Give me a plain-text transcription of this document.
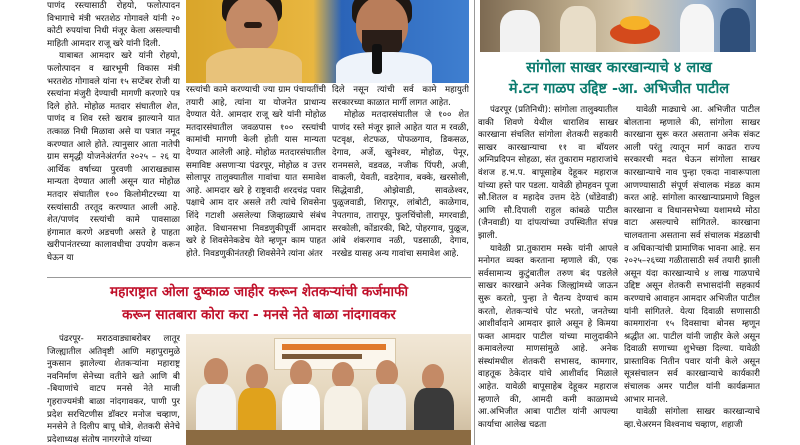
पाणंद रस्त्यासाठी रोहयो, फलोत्पादन विभागाचे मंत्री भरतशेठ गोगावले यांनी २० कोटी रुपयांचा निधी मंजूर केला असल्याची माहिती आमदार राजू खरे यांनी दिली.

याबाबत आमदार खरे यांनी रोहयो, फलोत्पादन व खारभूमी विकास मंत्री भरतशेठ गोगावले यांना १५ सप्टेंबर रोजी या रस्त्यांना मंजुरी देण्याची मागणी करणारे पत्र दिले होते. मोहोळ मतदार संघातील शेत, पाणंद व शिव रस्ते खराब झाल्याने यात तत्काळ निधी मिळावा असे या पत्रात नमूद करण्यात आले होते. त्यानुसार आता नातेपी ग्राम समृद्धी योजनेअंतर्गत २०२५ – २६ या आर्थिक वर्षाच्या पुरवणी आराखड्यास मान्यता देण्यात आली असून यात मोहोळ मतदार संघातील १०० किलोमीटरच्या या रस्त्यांसाठी तरतूद करण्यात आली आहे. शेत/पाणंद रस्त्यांची कामे पावसाळा हंगामात करणे अडचणी असते हे पाहता खरीपानंतरच्या कालावधीचा उपयोग करून घेऊन या

रस्त्यांची कामे करण्याची ज्या ग्राम पंचायतींची तयारी आहे, त्यांना या योजनेत प्राधान्य देण्यात येते. आमदार राजू खरे यांनी मोहोळ मतदारसंघातील जवळपास १०० रस्त्यांची कामांची मागणी केली होती यास मान्यता देण्यात आलेली आहे. मोहोळ मतदारसंघातील समाविष्ट असणाऱ्या पंढरपूर, मोहोळ व उत्तर सोलापूर तालुक्यातील गावांचा यात समावेश आहे. आमदार खरे हे राष्ट्रवादी शरदचंद्र पवार पक्षाचे आम दार असले तरी त्यांचे शिवसेना शिंदे गटाशी असलेल्या जिव्हाळ्याचे संबंध आहेत. विधानसभा निवडणुकीपूर्वी आमदार खरे हे शिवसेनेकडेच येते म्हणून काम पाहत होते. निवडणुकीनंतरही शिवसेनेने त्यांना अंतर

दिले नसून त्यांची सर्व कामे महायुती सरकारच्या काळात मार्गी लागत आहेत.

मोहोळ मतदारसंघातील जे १०० शेत पाणंद रस्ते मंजूर झाले आहेत यात म रवळी, पटवृक्ष, शेटफळ, पोफळगाव, डिकसळ, देगाव, अर्जे, खुनेश्वर, मोहोळ, पेनूर, रानमसले, वडवळ, नजीक पिंपरी, अजी, वाकली, येवती, वडदेगाव, बक्के, खरसोली, सिद्धेवाडी, ओझेवाडी, सावळेश्वर, पुळूजवाडी, शिरापूर, लांबोटी, काळेगाव, नेपतगाव, तारापूर, फुलचिंचोली, मगरवाडी, सरकोली, कोंडारकी, बिटे, पोहरगाव, पुळूज, आंबे शंकरगाव नळी, पडसाळी, देगाव, नरखेड यासह अन्य गावांचा समावेश आहे.

सांगोला साखर कारखान्याचे ४ लाख
मे.टन गाळप उद्दिष्ट -आ. अभिजीत पाटील

पंढरपूर (प्रतिनिधी): सांगोला तालुक्यातील वाकी शिवणे येथील धाराशिव साखर कारखाना संचलित सांगोला शेतकरी सहकारी साखर कारखान्याचा ११ वा बॉयलर अग्निप्रदिपन सोहळा, संत तुकाराम महाराजांचे वंशज ह.भ.प. बापूसाहेब देहूकर महाराज यांच्या हस्ते पार पडला. यावेळी होमहवन पूजा सौ.शितल व महादेव उत्तम देठे (धोंडेवाडी) आणि सौ.दिपाली राहुल कांबळे पाटील (जैनवाडी) या दांपत्यांच्या उपस्थितीत संपन्न झाली.

यावेळी प्रा.तुकाराम मस्के यांनी आपले मनोगत व्यक्त करताना म्हणाले की, एक सर्वसामान्य कुटुंबातील तरुण बंद पडलेले साखर कारखाने अनेक जिल्ह्यांमध्ये जाऊन सुरू करतो, पुन्हा ते चैतन्य देण्याचं काम करतो, शेतकऱ्यांचे पोट भरतो, जनतेच्या आशीर्वादाने आमदार झाले असून हे किमया फक्त आमदार पाटील यांच्या मालुदाकीने कमावलेल्या माणसांमुळे आहे. अनेक संस्थांमधील शेतकरी सभासद, कामगार, वाहतूक ठेकेदार यांचे आशीर्वाद मिळाले आहेत. यावेळी बापूसाहेब देहूकर महाराज म्हणाले की, आमदी कमी काळामध्ये आ.अभिजीत आबा पाटील यांनी आपल्या कार्याचा आलेख चढता

यावेळी माढ्याचे आ. अभिजीत पाटील बोलताना म्हणाले की, सांगोला साखर कारखाना सुरू करत असताना अनेक संकट आली परंतु त्यातून मार्ग काढत राज्य सरकारची मदत घेऊन सांगोला साखर कारखान्याचे नाव पुन्हा एकदा नावारूपाला आणण्यासाठी संपूर्ण संचालक मंडळ काम करत आहे. सांगोला कारखान्याप्रमाणे विठ्ठल कारखाना व विधानसभेच्या यशामध्ये मोठा वाटा असल्याचे सांगितले. कारखाना चालवताना असताना सर्व संचालक मंडळाची व अधिकाऱ्यांची प्रामाणिक भावना आहे. सन २०२५–२६च्या गळीतासाठी सर्व तयारी झाली असून यंदा कारखान्याचे ४ लाख गाळपाचे उद्दिष्ट असून शेतकरी सभासदांनी सहकार्य करण्याचे आवाहन आमदार अभिजीत पाटील यांनी सांगितले. येत्या दिवाळी सणासाठी कामगारांना १५ दिवसाचा बोनस म्हणून श्रद्धीत आ. पाटील यांनी जाहीर केले असून दिवाळी सणाच्या शुभेच्छा दिल्या. यावेळी प्रास्ताविक नितीन पवार यांनी केले असून सूत्रसंचालन सर्व कारखान्याचे कार्यकारी संचालक अमर पाटील यांनी कार्यक्रमात आभार मानले.

यावेळी सांगोला साखर कारखान्याचे व्हा.चेअरमन विश्वनाथ चव्हाण, शहाजी

महाराष्ट्रात ओला दुष्काळ जाहीर करून शेतकऱ्यांची कर्जमाफी
करून सातबारा कोरा करा - मनसे नेते बाळा नांदगावकर

पंढरपूर- मराठवाड्याबरोबर लातूर जिल्ह्यातील अतिवृष्टी आणि महापुरामुळे नुकसान झालेल्या शेतकऱ्यांना महाराष्ट्र नवनिर्माण सेनेच्या वतीने खते आणि बी -बियाणांचे वाटप मनसे नेते माजी गृहराज्यमंत्री बाळा नांदगावकर, पाणी पुर प्रदेश सरचिटणीस डॉक्टर मनोज चव्हाण, मनसेने ते दिलीप बापू धोत्रे, शेतकरी सेनेचे प्रदेशाध्यक्ष संतोष नागरगोजे यांच्या
